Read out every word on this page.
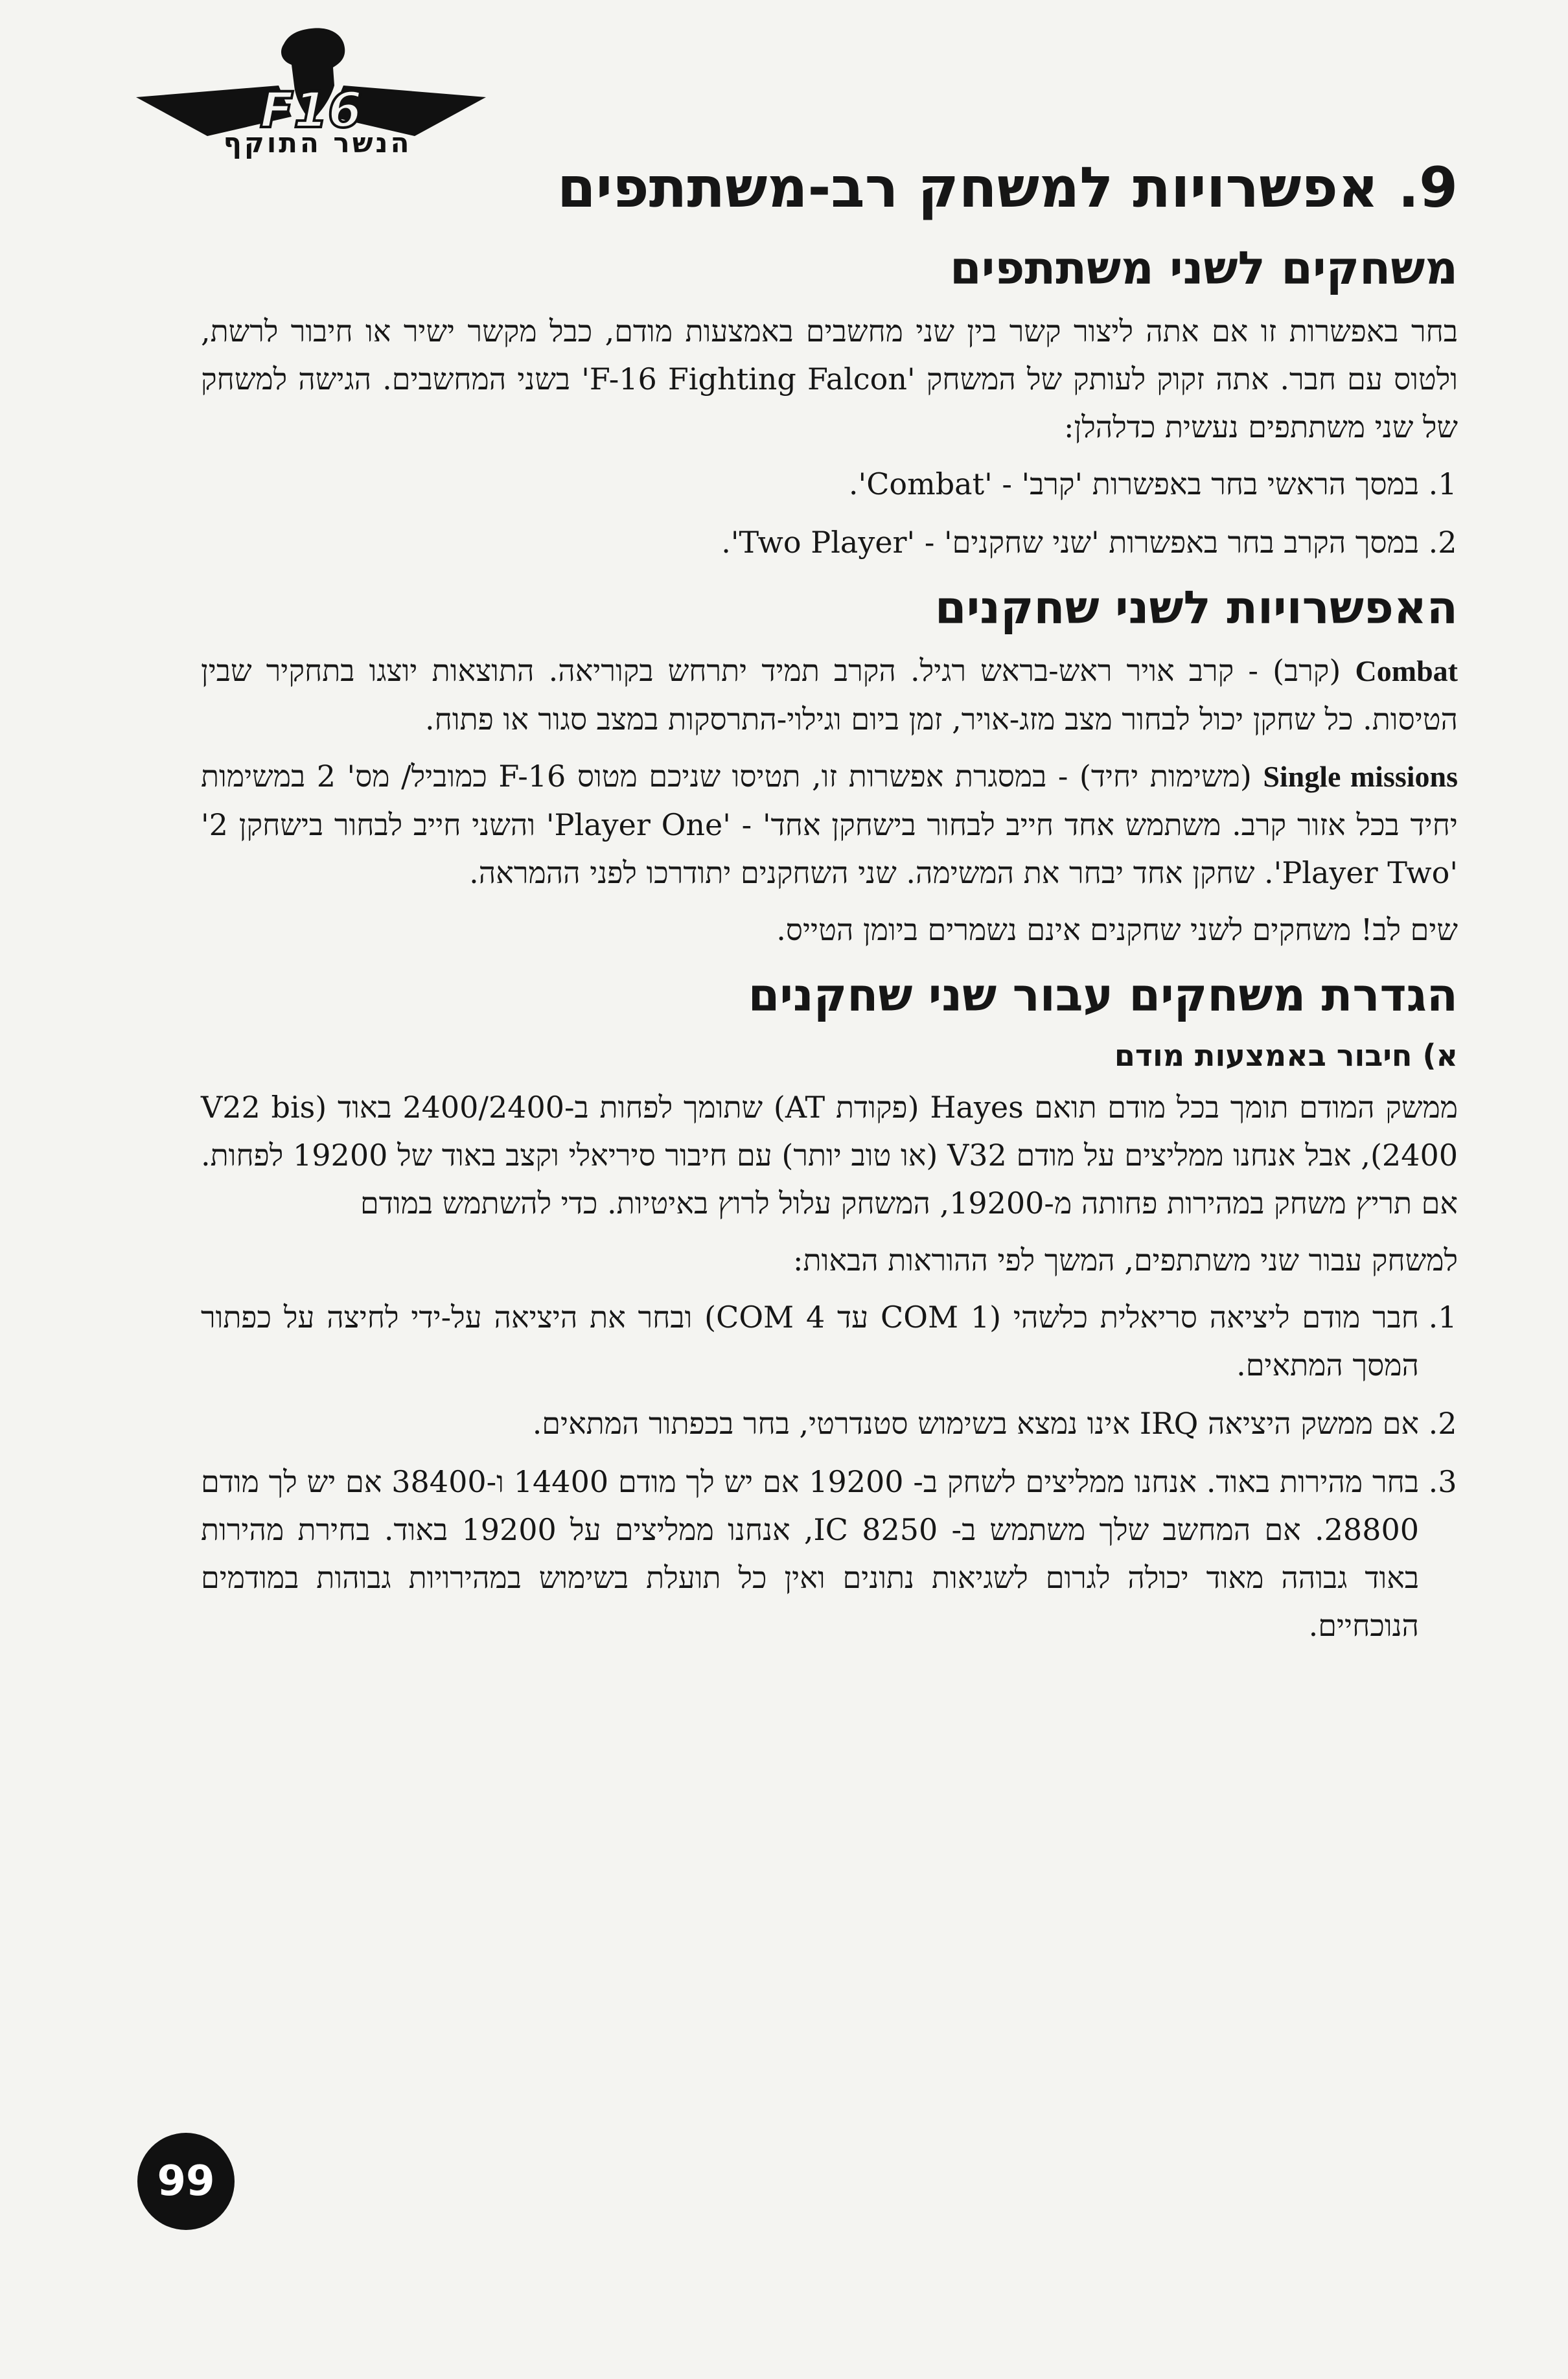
F16
הנשר התוקף
9. אפשרויות למשחק רב-משתתפים
משחקים לשני משתתפים

בחר באפשרות זו אם אתה ליצור קשר בין שני מחשבים באמצעות מודם, כבל מקשר ישיר או חיבור לרשת, ולטוס עם חבר. אתה זקוק לעותק של המשחק 'F-16 Fighting Falcon' בשני המחשבים. הגישה למשחק של שני משתתפים נעשית כדלהלן:

1. במסך הראשי בחר באפשרות 'קרב' - 'Combat'.
2. במסך הקרב בחר באפשרות 'שני שחקנים' - 'Two Player'.
האפשרויות לשני שחקנים

Combat (קרב) - קרב אויר ראש-בראש רגיל. הקרב תמיד יתרחש בקוריאה. התוצאות יוצגו בתחקיר שבין הטיסות. כל שחקן יכול לבחור מצב מזג-אויר, זמן ביום וגילוי-התרסקות במצב סגור או פתוח.

Single missions (משימות יחיד) - במסגרת אפשרות זו, תטיסו שניכם מטוס F-16 כמוביל/ מס' 2 במשימות יחיד בכל אזור קרב. משתמש אחד חייב לבחור בישחקן אחד' - 'Player One' והשני חייב לבחור בישחקן 2' 'Player Two'. שחקן אחד יבחר את המשימה. שני השחקנים יתודרכו לפני ההמראה.

שים לב! משחקים לשני שחקנים אינם נשמרים ביומן הטייס.

הגדרת משחקים עבור שני שחקנים
א) חיבור באמצעות מודם

ממשק המודם תומך בכל מודם תואם Hayes (פקודת AT) שתומך לפחות ב-2400/2400 באוד (V22 bis 2400), אבל אנחנו ממליצים על מודם V32 (או טוב יותר) עם חיבור סיריאלי וקצב באוד של 19200 לפחות. אם תריץ משחק במהירות פחותה מ-19200, המשחק עלול לרוץ באיטיות. כדי להשתמש במודם

למשחק עבור שני משתתפים, המשך לפי ההוראות הבאות:

1. חבר מודם ליציאה סריאלית כלשהי (COM 1 עד COM 4) ובחר את היציאה על-ידי לחיצה על כפתור המסך המתאים.
2. אם ממשק היציאה IRQ אינו נמצא בשימוש סטנדרטי, בחר בכפתור המתאים.
3. בחר מהירות באוד. אנחנו ממליצים לשחק ב- 19200 אם יש לך מודם 14400 ו-38400 אם יש לך מודם 28800. אם המחשב שלך משתמש ב- 8250 IC, אנחנו ממליצים על 19200 באוד. בחירת מהירות באוד גבוהה מאוד יכולה לגרום לשגיאות נתונים ואין כל תועלת בשימוש במהירויות גבוהות במודמים הנוכחיים.
99
